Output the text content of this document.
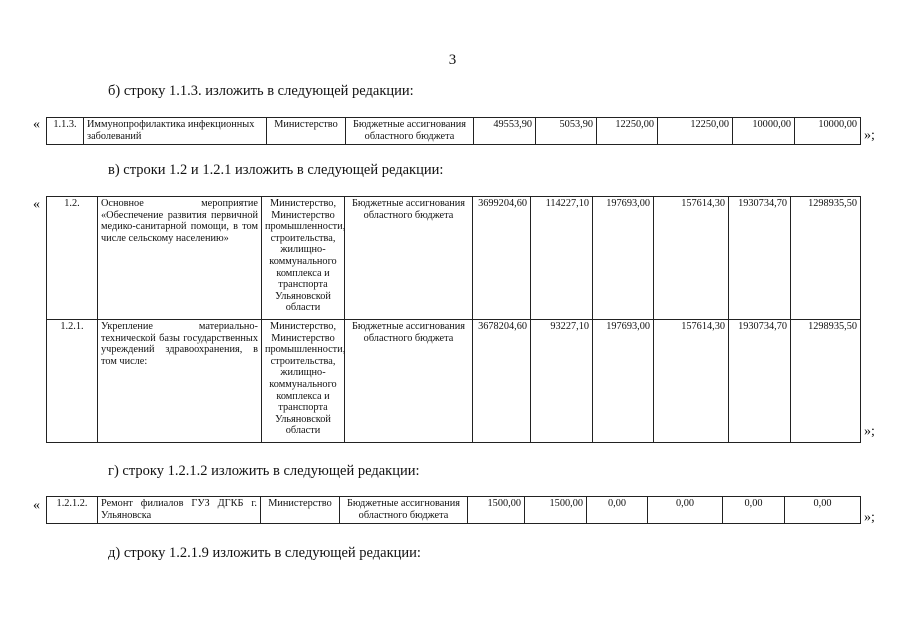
3
б) строку 1.1.3. изложить в следующей редакции:
« 1.1.3.	Иммунопрофилактика инфекционных заболеваний	Министерство	Бюджетные ассигнования областного бюджета	49553,90	5053,90	12250,00	12250,00	10000,00	10000,00
»;
в) строки 1.2 и 1.2.1 изложить в следующей редакции:
« 1.2.	Основное мероприятие «Обеспечение развития первичной медико-санитарной помощи, в том числе сельскому населению»	Министерство, Министерство промышленности, строительства, жилищно-коммунального комплекса и транспорта Ульяновской области	Бюджетные ассигнования областного бюджета	3699204,60	114227,10	197693,00	157614,30	1930734,70	1298935,50
1.2.1.	Укрепление материально-технической базы государственных учреждений здравоохранения, в том числе:	Министерство, Министерство промышленности, строительства, жилищно-коммунального комплекса и транспорта Ульяновской области	Бюджетные ассигнования областного бюджета	3678204,60	93227,10	197693,00	157614,30	1930734,70	1298935,50
»;
г) строку 1.2.1.2 изложить в следующей редакции:
« 1.2.1.2.	Ремонт филиалов ГУЗ ДГКБ г. Ульяновска	Министерство	Бюджетные ассигнования областного бюджета	1500,00	1500,00	0,00	0,00	0,00	0,00
»;
д) строку 1.2.1.9 изложить в следующей редакции:
